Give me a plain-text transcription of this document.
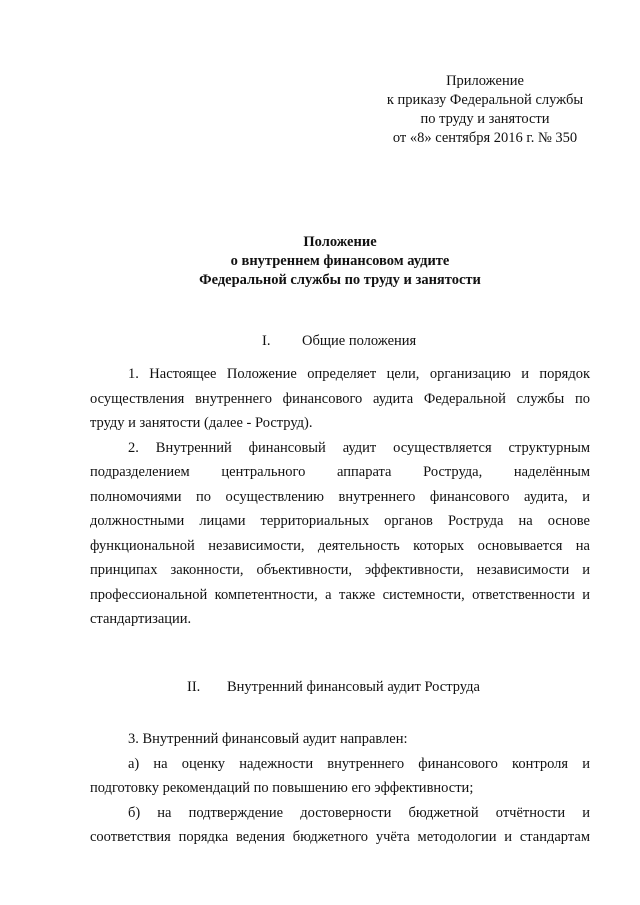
Приложение
к приказу Федеральной службы
по труду и занятости
от «8» сентября 2016 г. № 350
Положение
о внутреннем финансовом аудите
Федеральной службы по труду и занятости
I. Общие положения

1. Настоящее Положение определяет цели, организацию и порядок

осуществления внутреннего финансового аудита Федеральной службы по

труду и занятости (далее - Роструд).

2. Внутренний финансовый аудит осуществляется структурным

подразделением центрального аппарата Роструда, наделённым

полномочиями по осуществлению внутреннего финансового аудита, и

должностными лицами территориальных органов Роструда на основе

функциональной независимости, деятельность которых основывается на

принципах законности, объективности, эффективности, независимости и

профессиональной компетентности, а также системности, ответственности и

стандартизации.

II. Внутренний финансовый аудит Роструда

3. Внутренний финансовый аудит направлен:

а) на оценку надежности внутреннего финансового контроля и

подготовку рекомендаций по повышению его эффективности;

б) на подтверждение достоверности бюджетной отчётности и

соответствия порядка ведения бюджетного учёта методологии и стандартам
